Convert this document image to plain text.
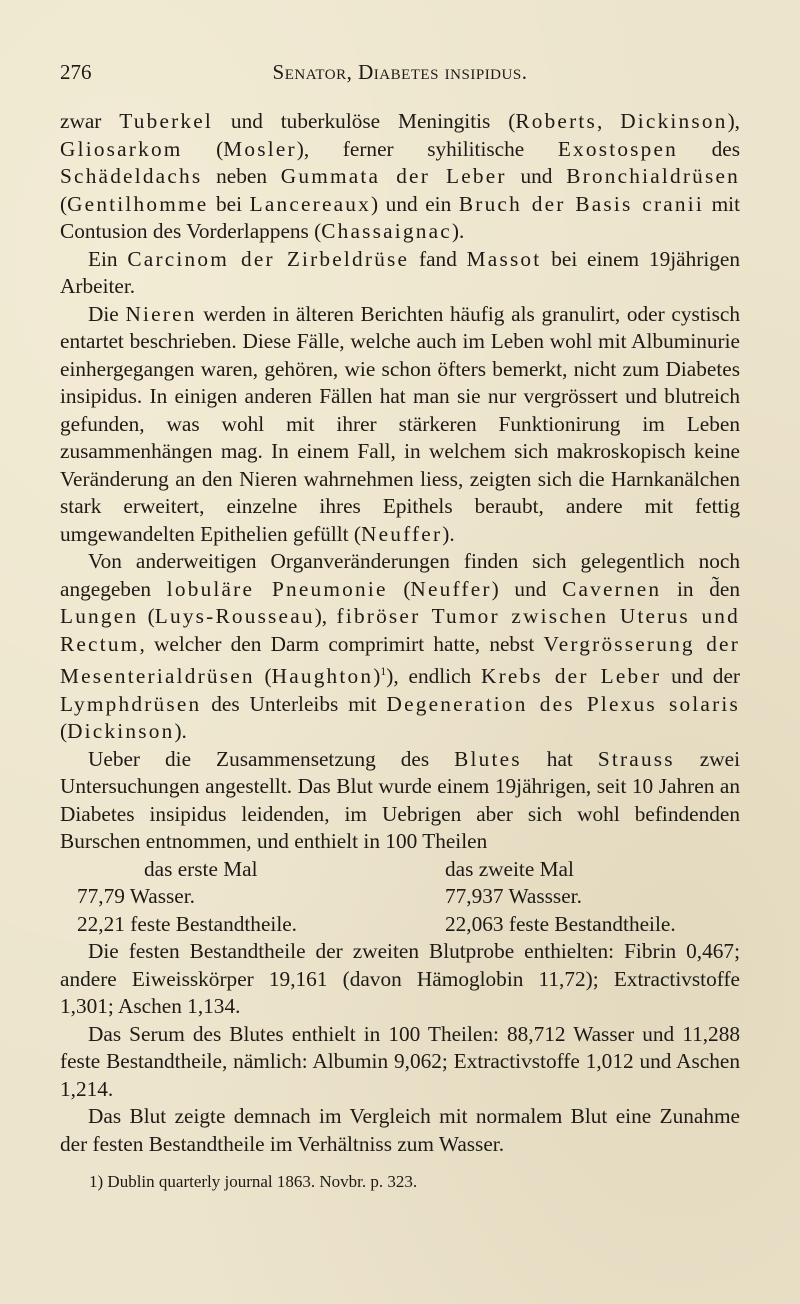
276	Senator, Diabetes insipidus.

zwar Tuberkel und tuberkulöse Meningitis (Roberts, Dickinson), Gliosarkom (Mosler), ferner syhilitische Exostospen des Schädeldachs neben Gummata der Leber und Bronchialdrüsen (Gentilhomme bei Lancereaux) und ein Bruch der Basis cranii mit Contusion des Vorderlappens (Chassaignac).

Ein Carcinom der Zirbeldrüse fand Massot bei einem 19jährigen Arbeiter.

Die Nieren werden in älteren Berichten häufig als granulirt, oder cystisch entartet beschrieben. Diese Fälle, welche auch im Leben wohl mit Albuminurie einhergegangen waren, gehören, wie schon öfters bemerkt, nicht zum Diabetes insipidus. In einigen anderen Fällen hat man sie nur vergrössert und blutreich gefunden, was wohl mit ihrer stärkeren Funktionirung im Leben zusammenhängen mag. In einem Fall, in welchem sich makroskopisch keine Veränderung an den Nieren wahrnehmen liess, zeigten sich die Harnkanälchen stark erweitert, einzelne ihres Epithels beraubt, andere mit fettig umgewandelten Epithelien gefüllt (Neuffer).

Von anderweitigen Organveränderungen finden sich gelegentlich noch angegeben lobuläre Pneumonie (Neuffer) und Cavernen in den Lungen (Luys-Rousseau), fibröser Tumor zwischen Uterus und Rectum, welcher den Darm comprimirt hatte, nebst Vergrösserung der Mesenterialdrüsen (Haughton)$^1$), endlich Krebs der Leber und der Lymphdrüsen des Unterleibs mit Degeneration des Plexus solaris (Dickinson).

Ueber die Zusammensetzung des Blutes hat Strauss zwei Untersuchungen angestellt. Das Blut wurde einem 19jährigen, seit 10 Jahren an Diabetes insipidus leidenden, im Uebrigen aber sich wohl befindenden Burschen entnommen, und enthielt in 100 Theilen

das erste Mal	das zweite Mal
77,79 Wasser.	77,937 Wassser.
22,21 feste Bestandtheile.	22,063 feste Bestandtheile.

Die festen Bestandtheile der zweiten Blutprobe enthielten: Fibrin 0,467; andere Eiweisskörper 19,161 (davon Hämoglobin 11,72); Extractivstoffe 1,301; Aschen 1,134.

Das Serum des Blutes enthielt in 100 Theilen: 88,712 Wasser und 11,288 feste Bestandtheile, nämlich: Albumin 9,062; Extractivstoffe 1,012 und Aschen 1,214.

Das Blut zeigte demnach im Vergleich mit normalem Blut eine Zunahme der festen Bestandtheile im Verhältniss zum Wasser.

1) Dublin quarterly journal 1863. Novbr. p. 323.
